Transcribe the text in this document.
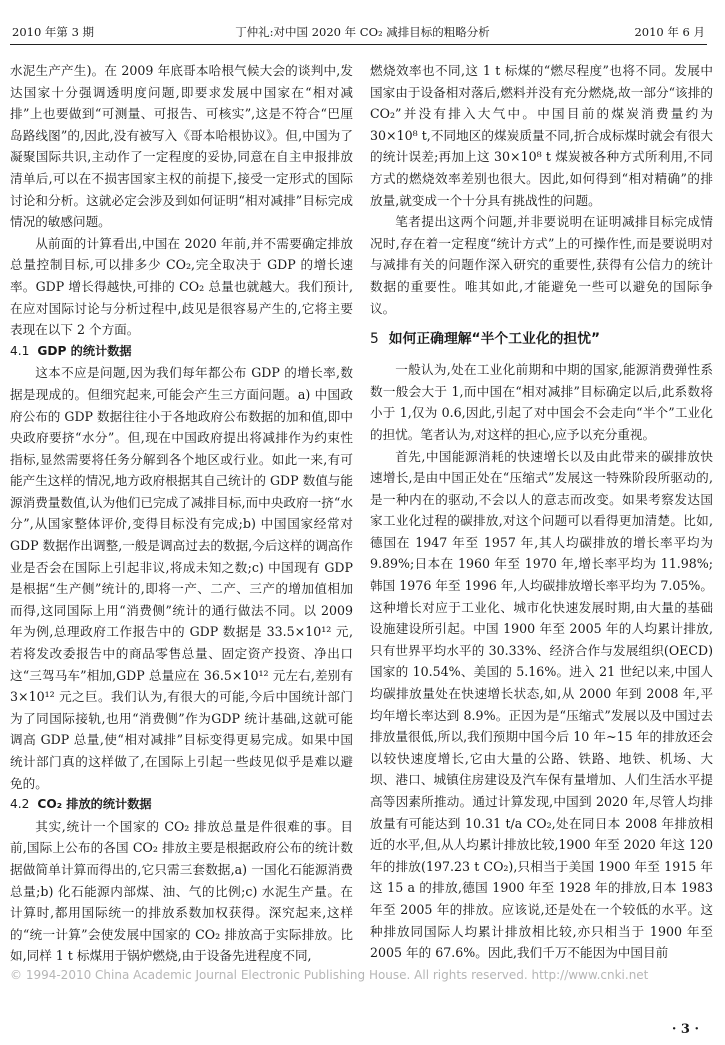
2010 年第 3 期	丁仲礼:对中国 2020 年 CO₂ 减排目标的粗略分析	2010 年 6 月

水泥生产产生)。在 2009 年底哥本哈根气候大会的谈判中,发达国家十分强调透明度问题,即要求发展中国家在“相对减排”上也要做到“可测量、可报告、可核实”,这是不符合“巴厘岛路线图”的,因此,没有被写入《哥本哈根协议》。但,中国为了凝聚国际共识,主动作了一定程度的妥协,同意在自主申报排放清单后,可以在不损害国家主权的前提下,接受一定形式的国际讨论和分析。这就必定会涉及到如何证明“相对减排”目标完成情况的敏感问题。

从前面的计算看出,中国在 2020 年前,并不需要确定排放总量控制目标,可以排多少 CO₂,完全取决于 GDP 的增长速率。GDP 增长得越快,可排的 CO₂ 总量也就越大。我们预计,在应对国际讨论与分析过程中,歧见是很容易产生的,它将主要表现在以下 2 个方面。

4.1 GDP 的统计数据

这本不应是问题,因为我们每年都公布 GDP 的增长率,数据是现成的。但细究起来,可能会产生三方面问题。a) 中国政府公布的 GDP 数据往往小于各地政府公布数据的加和值,即中央政府要挤“水分”。但,现在中国政府提出将减排作为约束性指标,显然需要将任务分解到各个地区或行业。如此一来,有可能产生这样的情况,地方政府根据其自己统计的 GDP 数值与能源消费量数值,认为他们已完成了减排目标,而中央政府一挤“水分”,从国家整体评价,变得目标没有完成;b) 中国国家经常对 GDP 数据作出调整,一般是调高过去的数据,今后这样的调高作业是否会在国际上引起非议,将成未知之数;c) 中国现有 GDP 是根据“生产侧”统计的,即将一产、二产、三产的增加值相加而得,这同国际上用“消费侧”统计的通行做法不同。以 2009 年为例,总理政府工作报告中的 GDP 数据是 33.5×10¹² 元,若将发改委报告中的商品零售总量、固定资产投资、净出口这“三驾马车”相加,GDP 总量应在 36.5×10¹² 元左右,差别有 3×10¹² 元之巨。我们认为,有很大的可能,今后中国统计部门为了同国际接轨,也用“消费侧”作为GDP 统计基础,这就可能调高 GDP 总量,使“相对减排”目标变得更易完成。如果中国统计部门真的这样做了,在国际上引起一些歧见似乎是难以避免的。

4.2 CO₂ 排放的统计数据

其实,统计一个国家的 CO₂ 排放总量是件很难的事。目前,国际上公布的各国 CO₂ 排放主要是根据政府公布的统计数据做简单计算而得出的,它只需三套数据,a) 一国化石能源消费总量;b) 化石能源内部煤、油、气的比例;c) 水泥生产量。在计算时,都用国际统一的排放系数加权获得。深究起来,这样的“统一计算”会使发展中国家的 CO₂ 排放高于实际排放。比如,同样 1 t 标煤用于锅炉燃烧,由于设备先进程度不同,

燃烧效率也不同,这 1 t 标煤的“燃尽程度”也将不同。发展中国家由于设备相对落后,燃料并没有充分燃烧,故一部分“该排的 CO₂”并没有排入大气中。中国目前的煤炭消费量约为 30×10⁸ t,不同地区的煤炭质量不同,折合成标煤时就会有很大的统计误差;再加上这 30×10⁸ t 煤炭被各种方式所利用,不同方式的燃烧效率差别也很大。因此,如何得到“相对精确”的排放量,就变成一个十分具有挑战性的问题。

笔者提出这两个问题,并非要说明在证明减排目标完成情况时,存在着一定程度“统计方式”上的可操作性,而是要说明对与减排有关的问题作深入研究的重要性,获得有公信力的统计数据的重要性。唯其如此,才能避免一些可以避免的国际争议。

5 如何正确理解“半个工业化的担忧”

一般认为,处在工业化前期和中期的国家,能源消费弹性系数一般会大于 1,而中国在“相对减排”目标确定以后,此系数将小于 1,仅为 0.6,因此,引起了对中国会不会走向“半个”工业化的担忧。笔者认为,对这样的担心,应予以充分重视。

首先,中国能源消耗的快速增长以及由此带来的碳排放快速增长,是由中国正处在“压缩式”发展这一特殊阶段所驱动的,是一种内在的驱动,不会以人的意志而改变。如果考察发达国家工业化过程的碳排放,对这个问题可以看得更加清楚。比如,德国在 1947 年至 1957 年,其人均碳排放的增长率平均为 9.89%;日本在 1960 年至 1970 年,增长率平均为 11.98%;韩国 1976 年至 1996 年,人均碳排放增长率平均为 7.05%。这种增长对应于工业化、城市化快速发展时期,由大量的基础设施建设所引起。中国 1900 年至 2005 年的人均累计排放,只有世界平均水平的 30.33%、经济合作与发展组织(OECD)国家的 10.54%、美国的 5.16%。进入 21 世纪以来,中国人均碳排放量处在快速增长状态,如,从 2000 年到 2008 年,平均年增长率达到 8.9%。正因为是“压缩式”发展以及中国过去排放量很低,所以,我们预期中国今后 10 年~15 年的排放还会以较快速度增长,它由大量的公路、铁路、地铁、机场、大坝、港口、城镇住房建设及汽车保有量增加、人们生活水平提高等因素所推动。通过计算发现,中国到 2020 年,尽管人均排放量有可能达到 10.31 t/a CO₂,处在同日本 2008 年排放相近的水平,但,从人均累计排放比较,1900 年至 2020 年这 120 年的排放(197.23 t CO₂),只相当于美国 1900 年至 1915 年这 15 a 的排放,德国 1900 年至 1928 年的排放,日本 1983 年至 2005 年的排放。应该说,还是处在一个较低的水平。这种排放同国际人均累计排放相比较,亦只相当于 1900 年至 2005 年的 67.6%。因此,我们千万不能因为中国目前

© 1994-2010 China Academic Journal Electronic Publishing House. All rights reserved. http://www.cnki.net
· 3 ·
